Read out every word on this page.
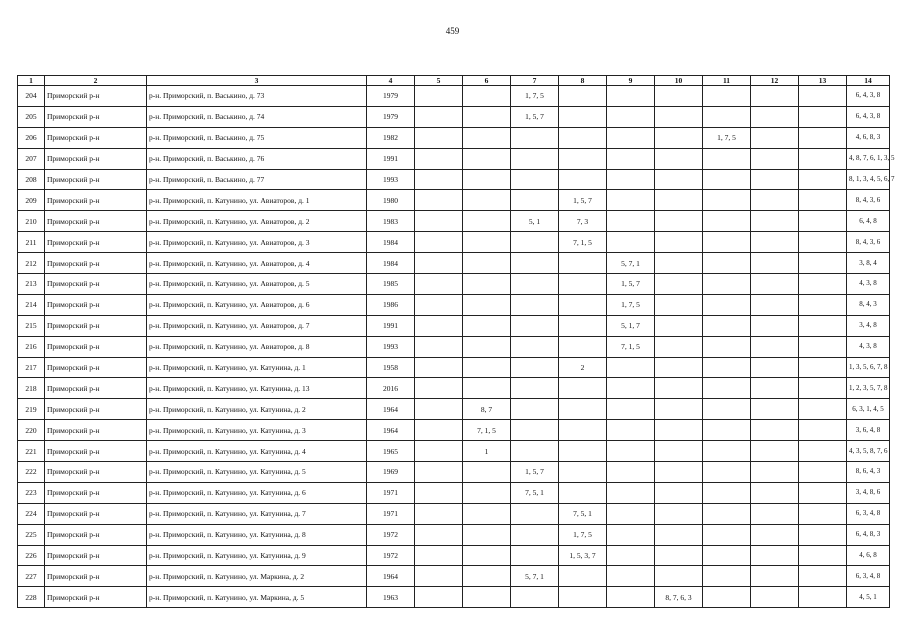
459
1	2	3	4	5	6	7	8	9	10	11	12	13	14
204	Приморский р-н	р-н. Приморский, п. Васькино, д. 73	1979			1, 7, 5							6, 4, 3, 8
205	Приморский р-н	р-н. Приморский, п. Васькино, д. 74	1979			1, 5, 7							6, 4, 3, 8
206	Приморский р-н	р-н. Приморский, п. Васькино, д. 75	1982							1, 7, 5			4, 6, 8, 3
207	Приморский р-н	р-н. Приморский, п. Васькино, д. 76	1991										4, 8, 7, 6, 1, 3, 5
208	Приморский р-н	р-н. Приморский, п. Васькино, д. 77	1993										8, 1, 3, 4, 5, 6, 7
209	Приморский р-н	р-н. Приморский, п. Катунино, ул. Авиаторов, д. 1	1980				1, 5, 7						8, 4, 3, 6
210	Приморский р-н	р-н. Приморский, п. Катунино, ул. Авиаторов, д. 2	1983			5, 1	7, 3						6, 4, 8
211	Приморский р-н	р-н. Приморский, п. Катунино, ул. Авиаторов, д. 3	1984				7, 1, 5						8, 4, 3, 6
212	Приморский р-н	р-н. Приморский, п. Катунино, ул. Авиаторов, д. 4	1984					5, 7, 1					3, 8, 4
213	Приморский р-н	р-н. Приморский, п. Катунино, ул. Авиаторов, д. 5	1985					1, 5, 7					4, 3, 8
214	Приморский р-н	р-н. Приморский, п. Катунино, ул. Авиаторов, д. 6	1986					1, 7, 5					8, 4, 3
215	Приморский р-н	р-н. Приморский, п. Катунино, ул. Авиаторов, д. 7	1991					5, 1, 7					3, 4, 8
216	Приморский р-н	р-н. Приморский, п. Катунино, ул. Авиаторов, д. 8	1993					7, 1, 5					4, 3, 8
217	Приморский р-н	р-н. Приморский, п. Катунино, ул. Катунина, д. 1	1958				2						1, 3, 5, 6, 7, 8
218	Приморский р-н	р-н. Приморский, п. Катунино, ул. Катунина, д. 13	2016										1, 2, 3, 5, 7, 8
219	Приморский р-н	р-н. Приморский, п. Катунино, ул. Катунина, д. 2	1964		8, 7								6, 3, 1, 4, 5
220	Приморский р-н	р-н. Приморский, п. Катунино, ул. Катунина, д. 3	1964		7, 1, 5								3, 6, 4, 8
221	Приморский р-н	р-н. Приморский, п. Катунино, ул. Катунина, д. 4	1965		1								4, 3, 5, 8, 7, 6
222	Приморский р-н	р-н. Приморский, п. Катунино, ул. Катунина, д. 5	1969			1, 5, 7							8, 6, 4, 3
223	Приморский р-н	р-н. Приморский, п. Катунино, ул. Катунина, д. 6	1971			7, 5, 1							3, 4, 8, 6
224	Приморский р-н	р-н. Приморский, п. Катунино, ул. Катунина, д. 7	1971				7, 5, 1						6, 3, 4, 8
225	Приморский р-н	р-н. Приморский, п. Катунино, ул. Катунина, д. 8	1972				1, 7, 5						6, 4, 8, 3
226	Приморский р-н	р-н. Приморский, п. Катунино, ул. Катунина, д. 9	1972				1, 5, 3, 7						4, 6, 8
227	Приморский р-н	р-н. Приморский, п. Катунино, ул. Маркина, д. 2	1964			5, 7, 1							6, 3, 4, 8
228	Приморский р-н	р-н. Приморский, п. Катунино, ул. Маркина, д. 5	1963						8, 7, 6, 3				4, 5, 1
